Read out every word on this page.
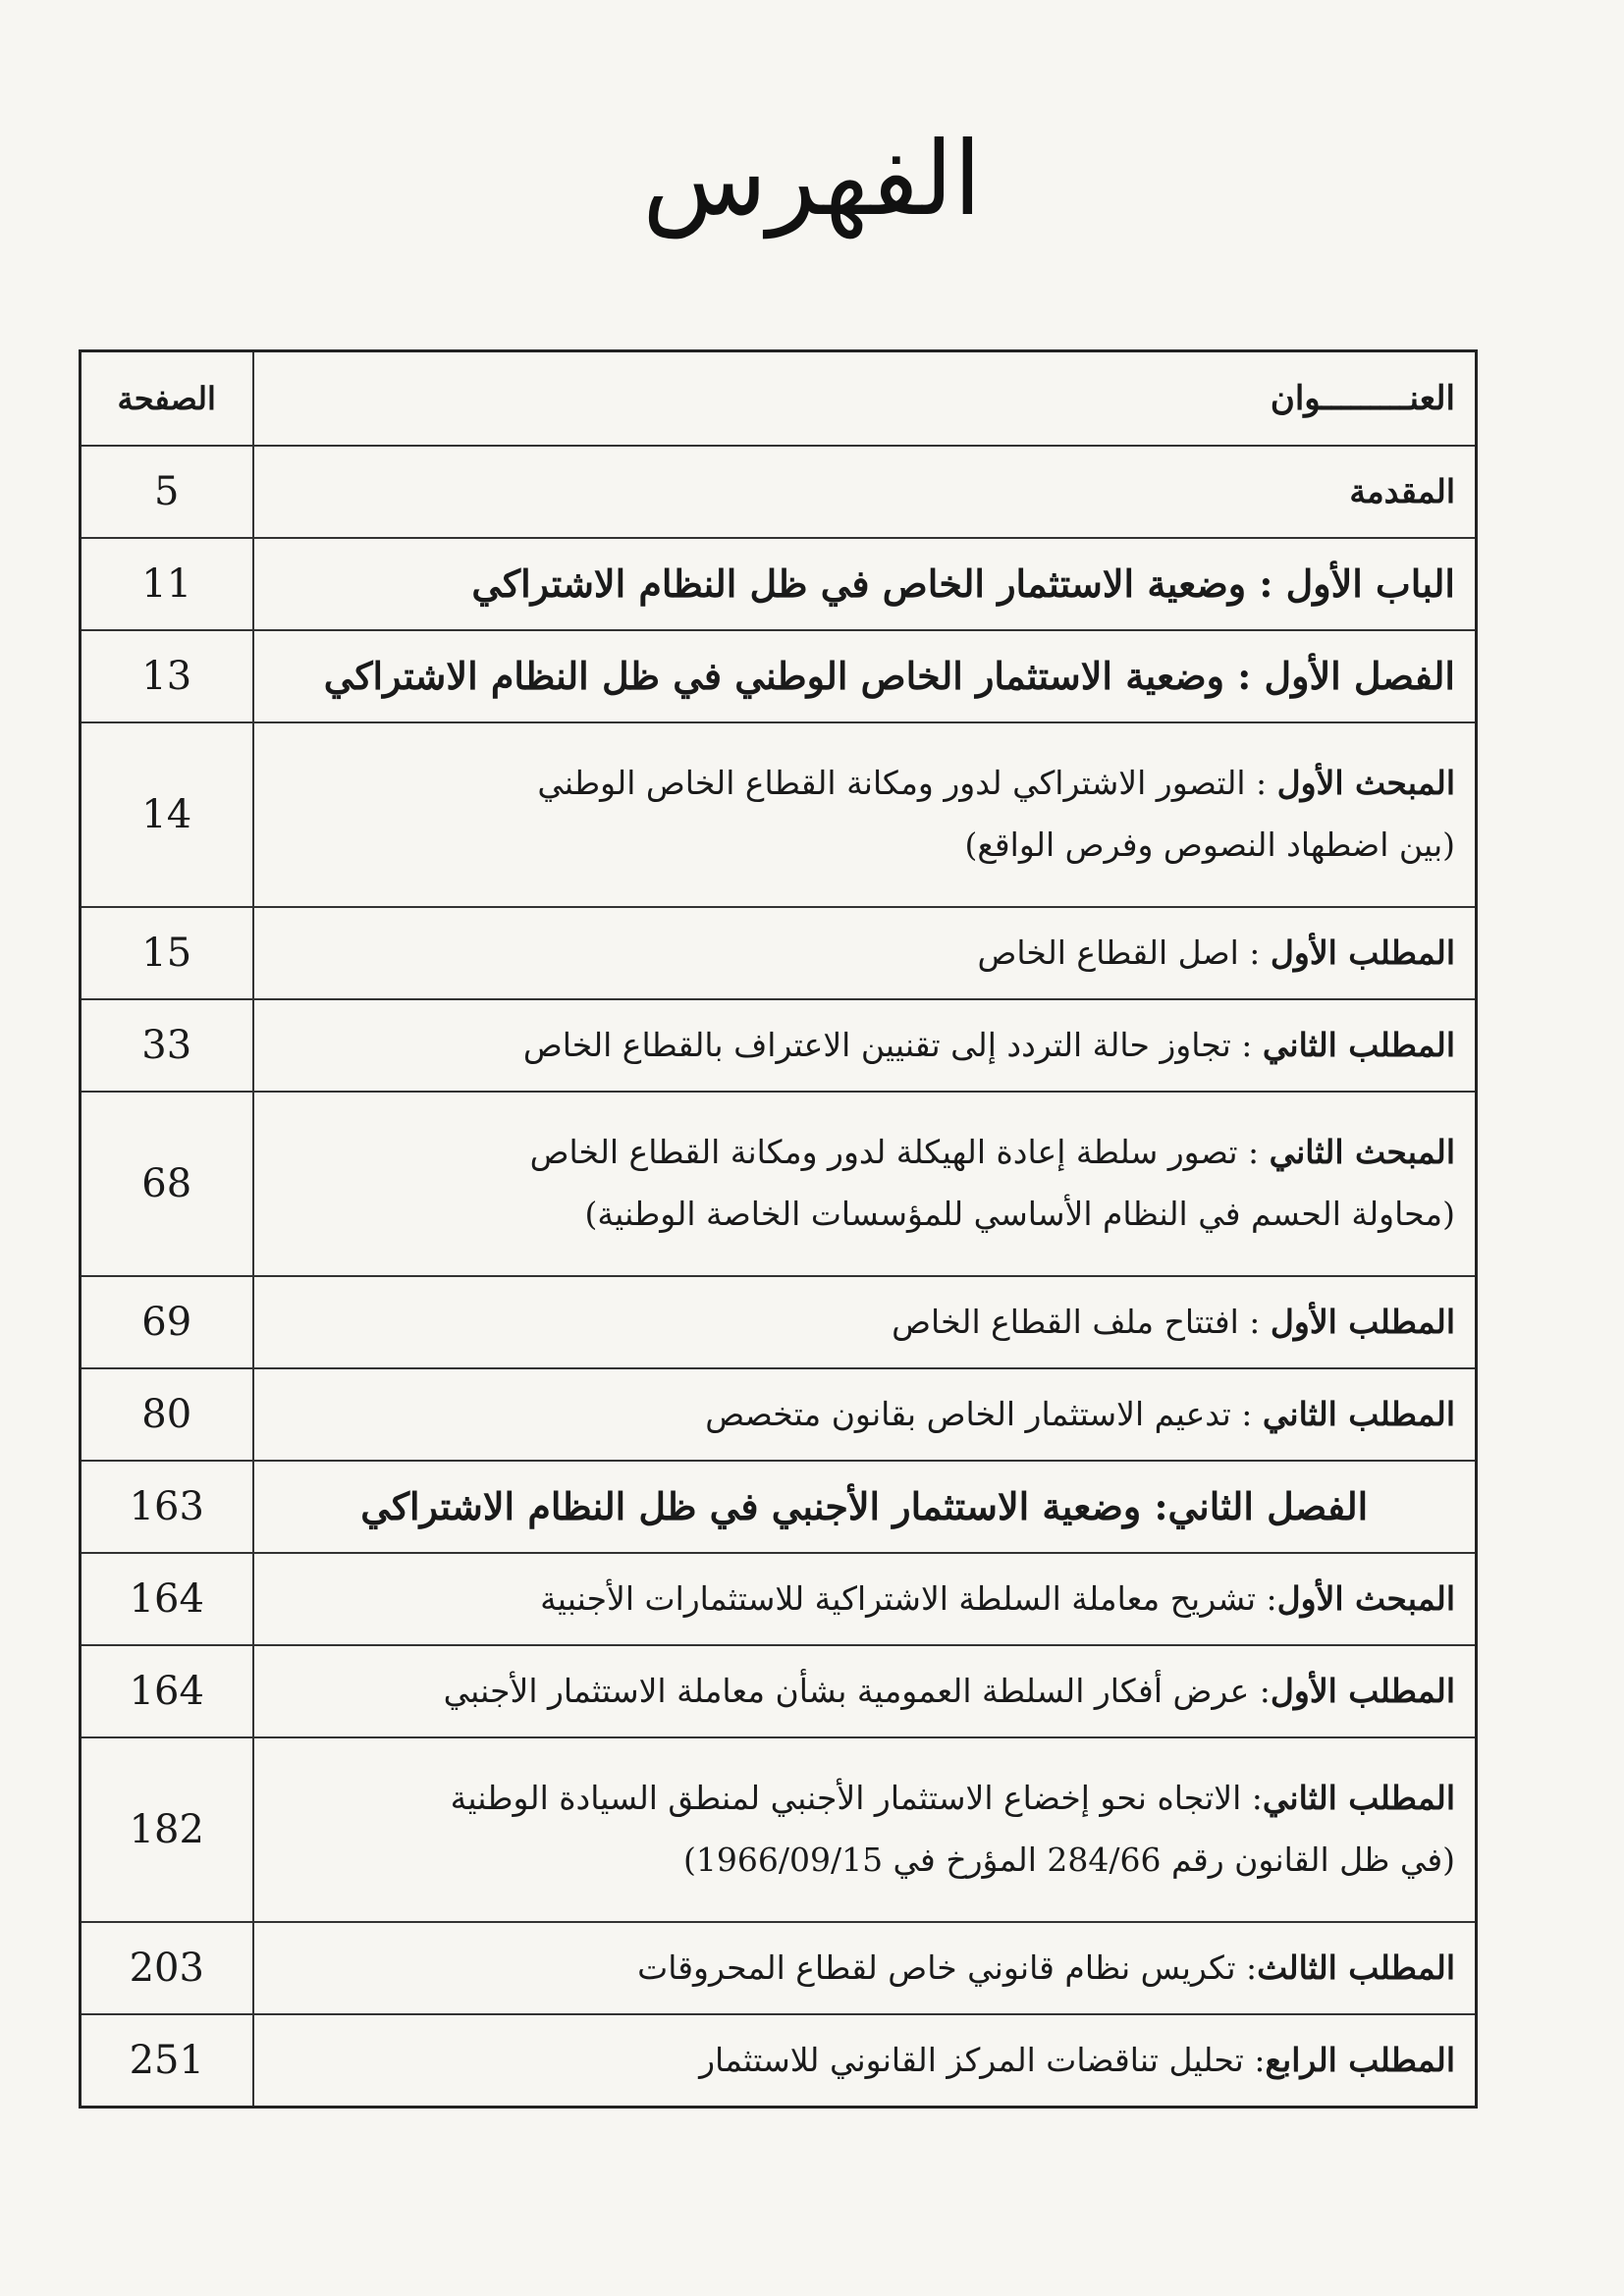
الفهرس
العنـــــــــوان	الصفحة
المقدمة	5
الباب الأول : وضعية الاستثمار الخاص في ظل النظام الاشتراكي	11
الفصل الأول : وضعية الاستثمار الخاص الوطني في ظل النظام الاشتراكي	13
المبحث الأول : التصور الاشتراكي لدور ومكانة القطاع الخاص الوطني
(بين اضطهاد النصوص وفرص الواقع)	14
المطلب الأول : اصل القطاع الخاص	15
المطلب الثاني : تجاوز حالة التردد إلى تقنيين الاعتراف بالقطاع الخاص	33
المبحث الثاني : تصور سلطة إعادة الهيكلة لدور ومكانة القطاع الخاص
(محاولة الحسم في النظام الأساسي للمؤسسات الخاصة الوطنية)	68
المطلب الأول : افتتاح ملف القطاع الخاص	69
المطلب الثاني : تدعيم الاستثمار الخاص بقانون متخصص	80
الفصل الثاني: وضعية الاستثمار الأجنبي في ظل النظام الاشتراكي	163
المبحث الأول: تشريح معاملة السلطة الاشتراكية للاستثمارات الأجنبية	164
المطلب الأول: عرض أفكار السلطة العمومية بشأن معاملة الاستثمار الأجنبي	164
المطلب الثاني: الاتجاه نحو إخضاع الاستثمار الأجنبي لمنطق السيادة الوطنية
(في ظل القانون رقم 284/66 المؤرخ في 1966/09/15)	182
المطلب الثالث: تكريس نظام قانوني خاص لقطاع المحروقات	203
المطلب الرابع: تحليل تناقضات المركز القانوني للاستثمار	251
